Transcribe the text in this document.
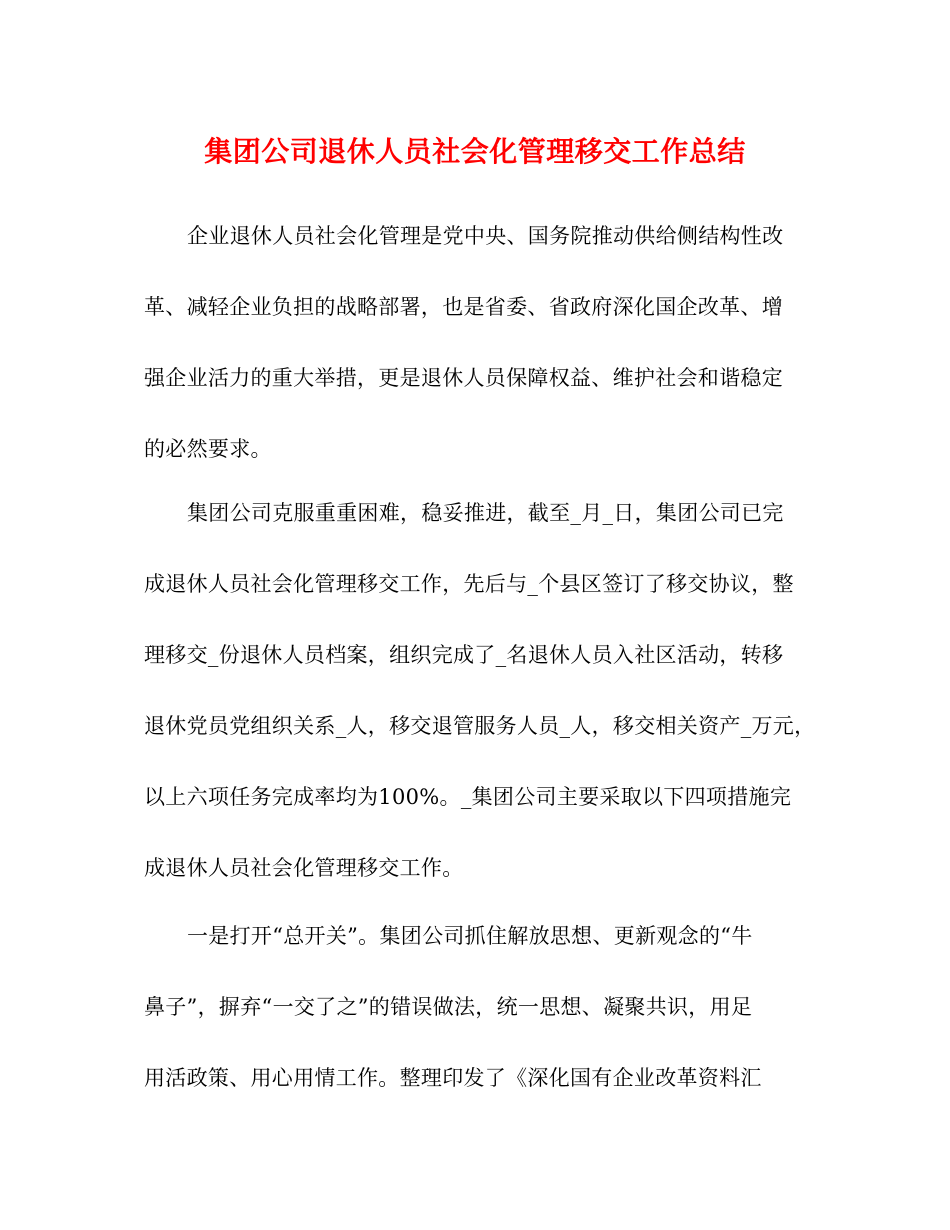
集团公司退休人员社会化管理移交工作总结
企业退休人员社会化管理是党中央、国务院推动供给侧结构性改
革、减轻企业负担的战略部署，也是省委、省政府深化国企改革、增
强企业活力的重大举措，更是退休人员保障权益、维护社会和谐稳定
的必然要求。
集团公司克服重重困难，稳妥推进，截至_月_日，集团公司已完
成退休人员社会化管理移交工作，先后与_个县区签订了移交协议，整
理移交_份退休人员档案，组织完成了_名退休人员入社区活动，转移
退休党员党组织关系_人，移交退管服务人员_人，移交相关资产_万元，
以上六项任务完成率均为100%。_集团公司主要采取以下四项措施完
成退休人员社会化管理移交工作。
一是打开“总开关”。集团公司抓住解放思想、更新观念的“牛
鼻子”，摒弃“一交了之”的错误做法，统一思想、凝聚共识，用足
用活政策、用心用情工作。整理印发了《深化国有企业改革资料汇
